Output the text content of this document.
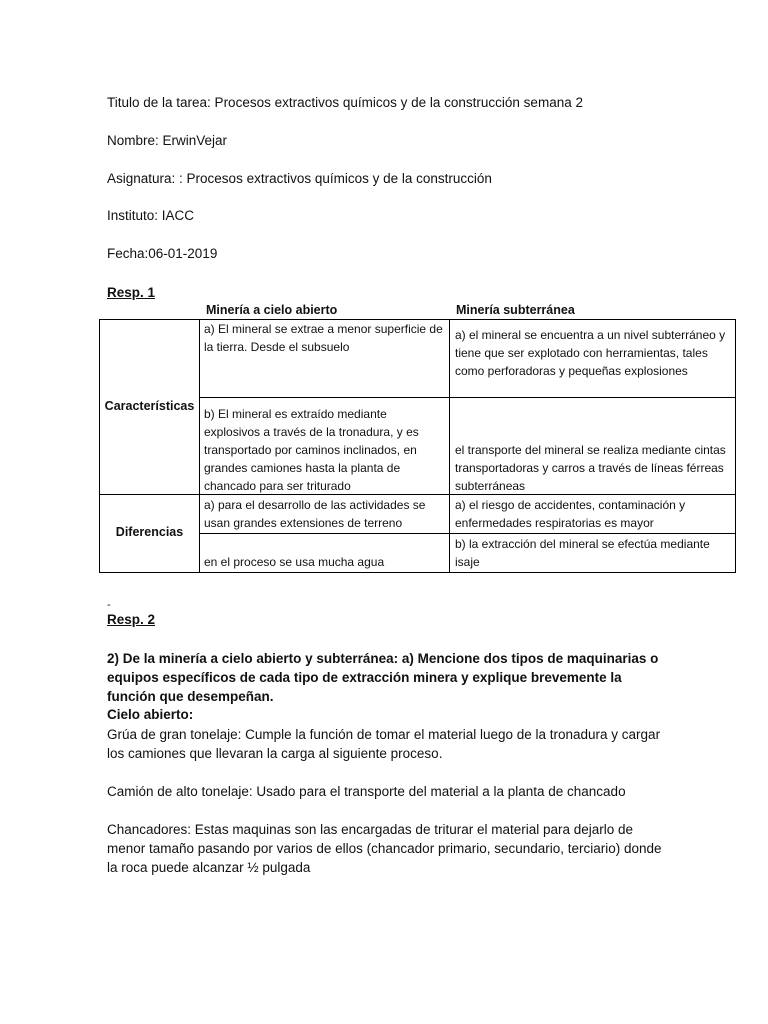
Titulo de la tarea: Procesos extractivos químicos y de la construcción semana 2
Nombre: ErwinVejar
Asignatura: : Procesos extractivos químicos y de la construcción
Instituto: IACC
Fecha:06-01-2019
Resp. 1
Minería a cielo abierto	Minería subterránea
Características
Diferencias
a) El mineral se extrae a menor superficie de la tierra. Desde el subsuelo
a) el mineral se encuentra a un nivel subterráneo y tiene que ser explotado con herramientas, tales como perforadoras y pequeñas explosiones
b) El mineral es extraído mediante explosivos a través de la tronadura, y es transportado por caminos inclinados, en grandes camiones hasta la planta de chancado para ser triturado
el transporte del mineral se realiza mediante cintas transportadoras y carros a través de líneas férreas subterráneas
a) para el desarrollo de las actividades se usan grandes extensiones de terreno
a) el riesgo de accidentes, contaminación y enfermedades respiratorias es mayor
en el proceso se usa mucha agua
b) la extracción del mineral se efectúa mediante isaje
-
Resp. 2
2) De la minería a cielo abierto y subterránea: a) Mencione dos tipos de maquinarias o equipos específicos de cada tipo de extracción minera y explique brevemente la función que desempeñan.
Cielo abierto:
Grúa de gran tonelaje: Cumple la función de tomar el material luego de la tronadura y cargar los camiones que llevaran la carga al siguiente proceso.
Camión de alto tonelaje: Usado para el transporte del material a la planta de chancado
Chancadores: Estas maquinas son las encargadas de triturar el material para dejarlo de menor tamaño pasando por varios de ellos (chancador primario, secundario, terciario) donde la roca puede alcanzar ½ pulgada
